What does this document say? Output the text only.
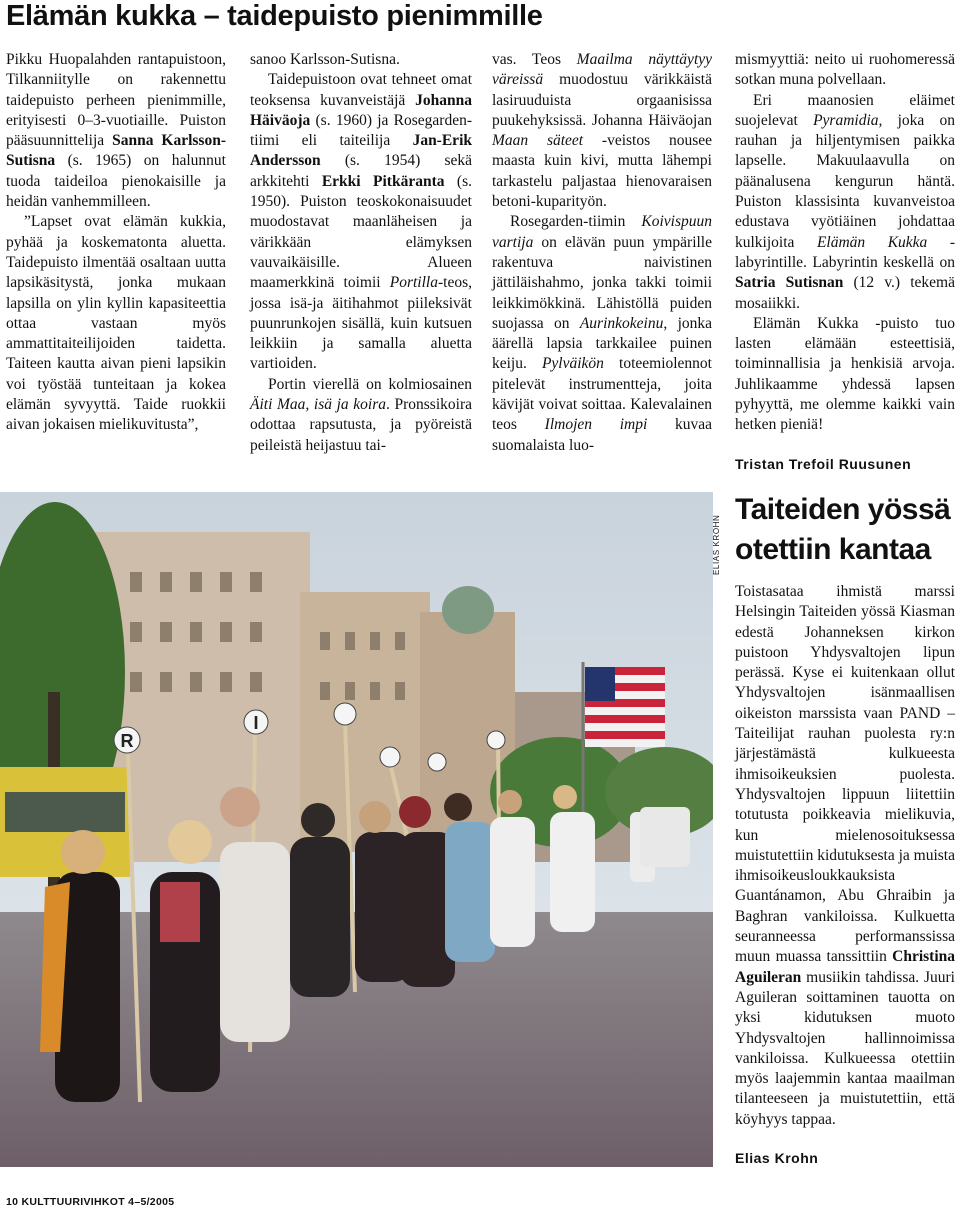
Elämän kukka – taidepuisto pienimmille

Pikku Huopalahden rantapuistoon, Tilkanniitylle on rakennettu taidepuisto perheen pienimmille, erityisesti 0–3-vuotiaille. Puiston pääsuunnittelija Sanna Karlsson-Sutisna (s. 1965) on halunnut tuoda taideiloa pienokaisille ja heidän vanhemmilleen.

”Lapset ovat elämän kukkia, pyhää ja koskematonta aluetta. Taidepuisto ilmentää osaltaan uutta lapsikäsitystä, jonka mukaan lapsilla on ylin kyllin kapasiteettia ottaa vastaan myös ammattitaiteilijoiden taidetta. Taiteen kautta aivan pieni lapsikin voi työstää tunteitaan ja kokea elämän syvyyttä. Taide ruokkii aivan jokaisen mielikuvitusta”,

sanoo Karlsson-Sutisna.

Taidepuistoon ovat tehneet omat teoksensa kuvanveistäjä Johanna Häiväoja (s. 1960) ja Rosegarden-tiimi eli taiteilija Jan-Erik Andersson (s. 1954) sekä arkkitehti Erkki Pitkäranta (s. 1950). Puiston teoskokonaisuudet muodostavat maanläheisen ja värikkään elämyksen vauvaikäisille. Alueen maamerkkinä toimii Portilla-teos, jossa isä-ja äitihahmot piileksivät puunrunkojen sisällä, kuin kutsuen leikkiin ja samalla aluetta vartioiden.

Portin vierellä on kolmiosainen Äiti Maa, isä ja koira. Pronssikoira odottaa rapsutusta, ja pyöreistä peileistä heijastuu tai-

vas. Teos Maailma näyttäytyy väreissä muodostuu värikkäistä lasiruuduista orgaanisissa puukehyksissä. Johanna Häiväojan Maan säteet -veistos nousee maasta kuin kivi, mutta lähempi tarkastelu paljastaa hienovaraisen betoni-kuparityön.

Rosegarden-tiimin Koivispuun vartija on elävän puun ympärille rakentuva naivistinen jättiläishahmo, jonka takki toimii leikkimökkinä. Lähistöllä puiden suojassa on Aurinkokeinu, jonka äärellä lapsia tarkkailee puinen keiju. Pylväikön toteemiolennot pitelevät instrumentteja, joita kävijät voivat soittaa. Kalevalainen teos Ilmojen impi kuvaa suomalaista luo-

mismyyttiä: neito ui ruohomeressä sotkan muna polvellaan.

Eri maanosien eläimet suojelevat Pyramidia, joka on rauhan ja hiljentymisen paikka lapselle. Makuulaavulla on päänalusena kengurun häntä. Puiston klassisinta kuvanveistoa edustava vyötiäinen johdattaa kulkijoita Elämän Kukka -labyrintille. Labyrintin keskellä on Satria Sutisnan (12 v.) tekemä mosaiikki.

Elämän Kukka -puisto tuo lasten elämään esteettisiä, toiminnallisia ja henkisiä arvoja. Juhlikaamme yhdessä lapsen pyhyyttä, me olemme kaikki vain hetken pieniä!

Tristan Trefoil Ruusunen
R
I
ELIAS KROHN
Taiteiden yössä otettiin kantaa

Toistasataa ihmistä marssi Helsingin Taiteiden yössä Kiasman edestä Johanneksen kirkon puistoon Yhdysvaltojen lipun perässä. Kyse ei kuitenkaan ollut Yhdysvaltojen isänmaallisen oikeiston marssista vaan PAND – Taiteilijat rauhan puolesta ry:n järjestämästä kulkueesta ihmisoikeuksien puolesta. Yhdysvaltojen lippuun liitettiin totutusta poikkeavia mielikuvia, kun mielenosoituksessa muistutettiin kidutuksesta ja muista ihmisoikeusloukkauksista Guantánamon, Abu Ghraibin ja Baghran vankiloissa. Kulkuetta seuranneessa performanssissa muun muassa tanssittiin Christina Aguileran musiikin tahdissa. Juuri Aguileran soittaminen tauotta on yksi kidutuksen muoto Yhdysvaltojen hallinnoimissa vankiloissa. Kulkueessa otettiin myös laajemmin kantaa maailman tilanteeseen ja muistutettiin, että köyhyys tappaa.

Elias Krohn
10 KULTTUURIVIHKOT 4–5/2005
